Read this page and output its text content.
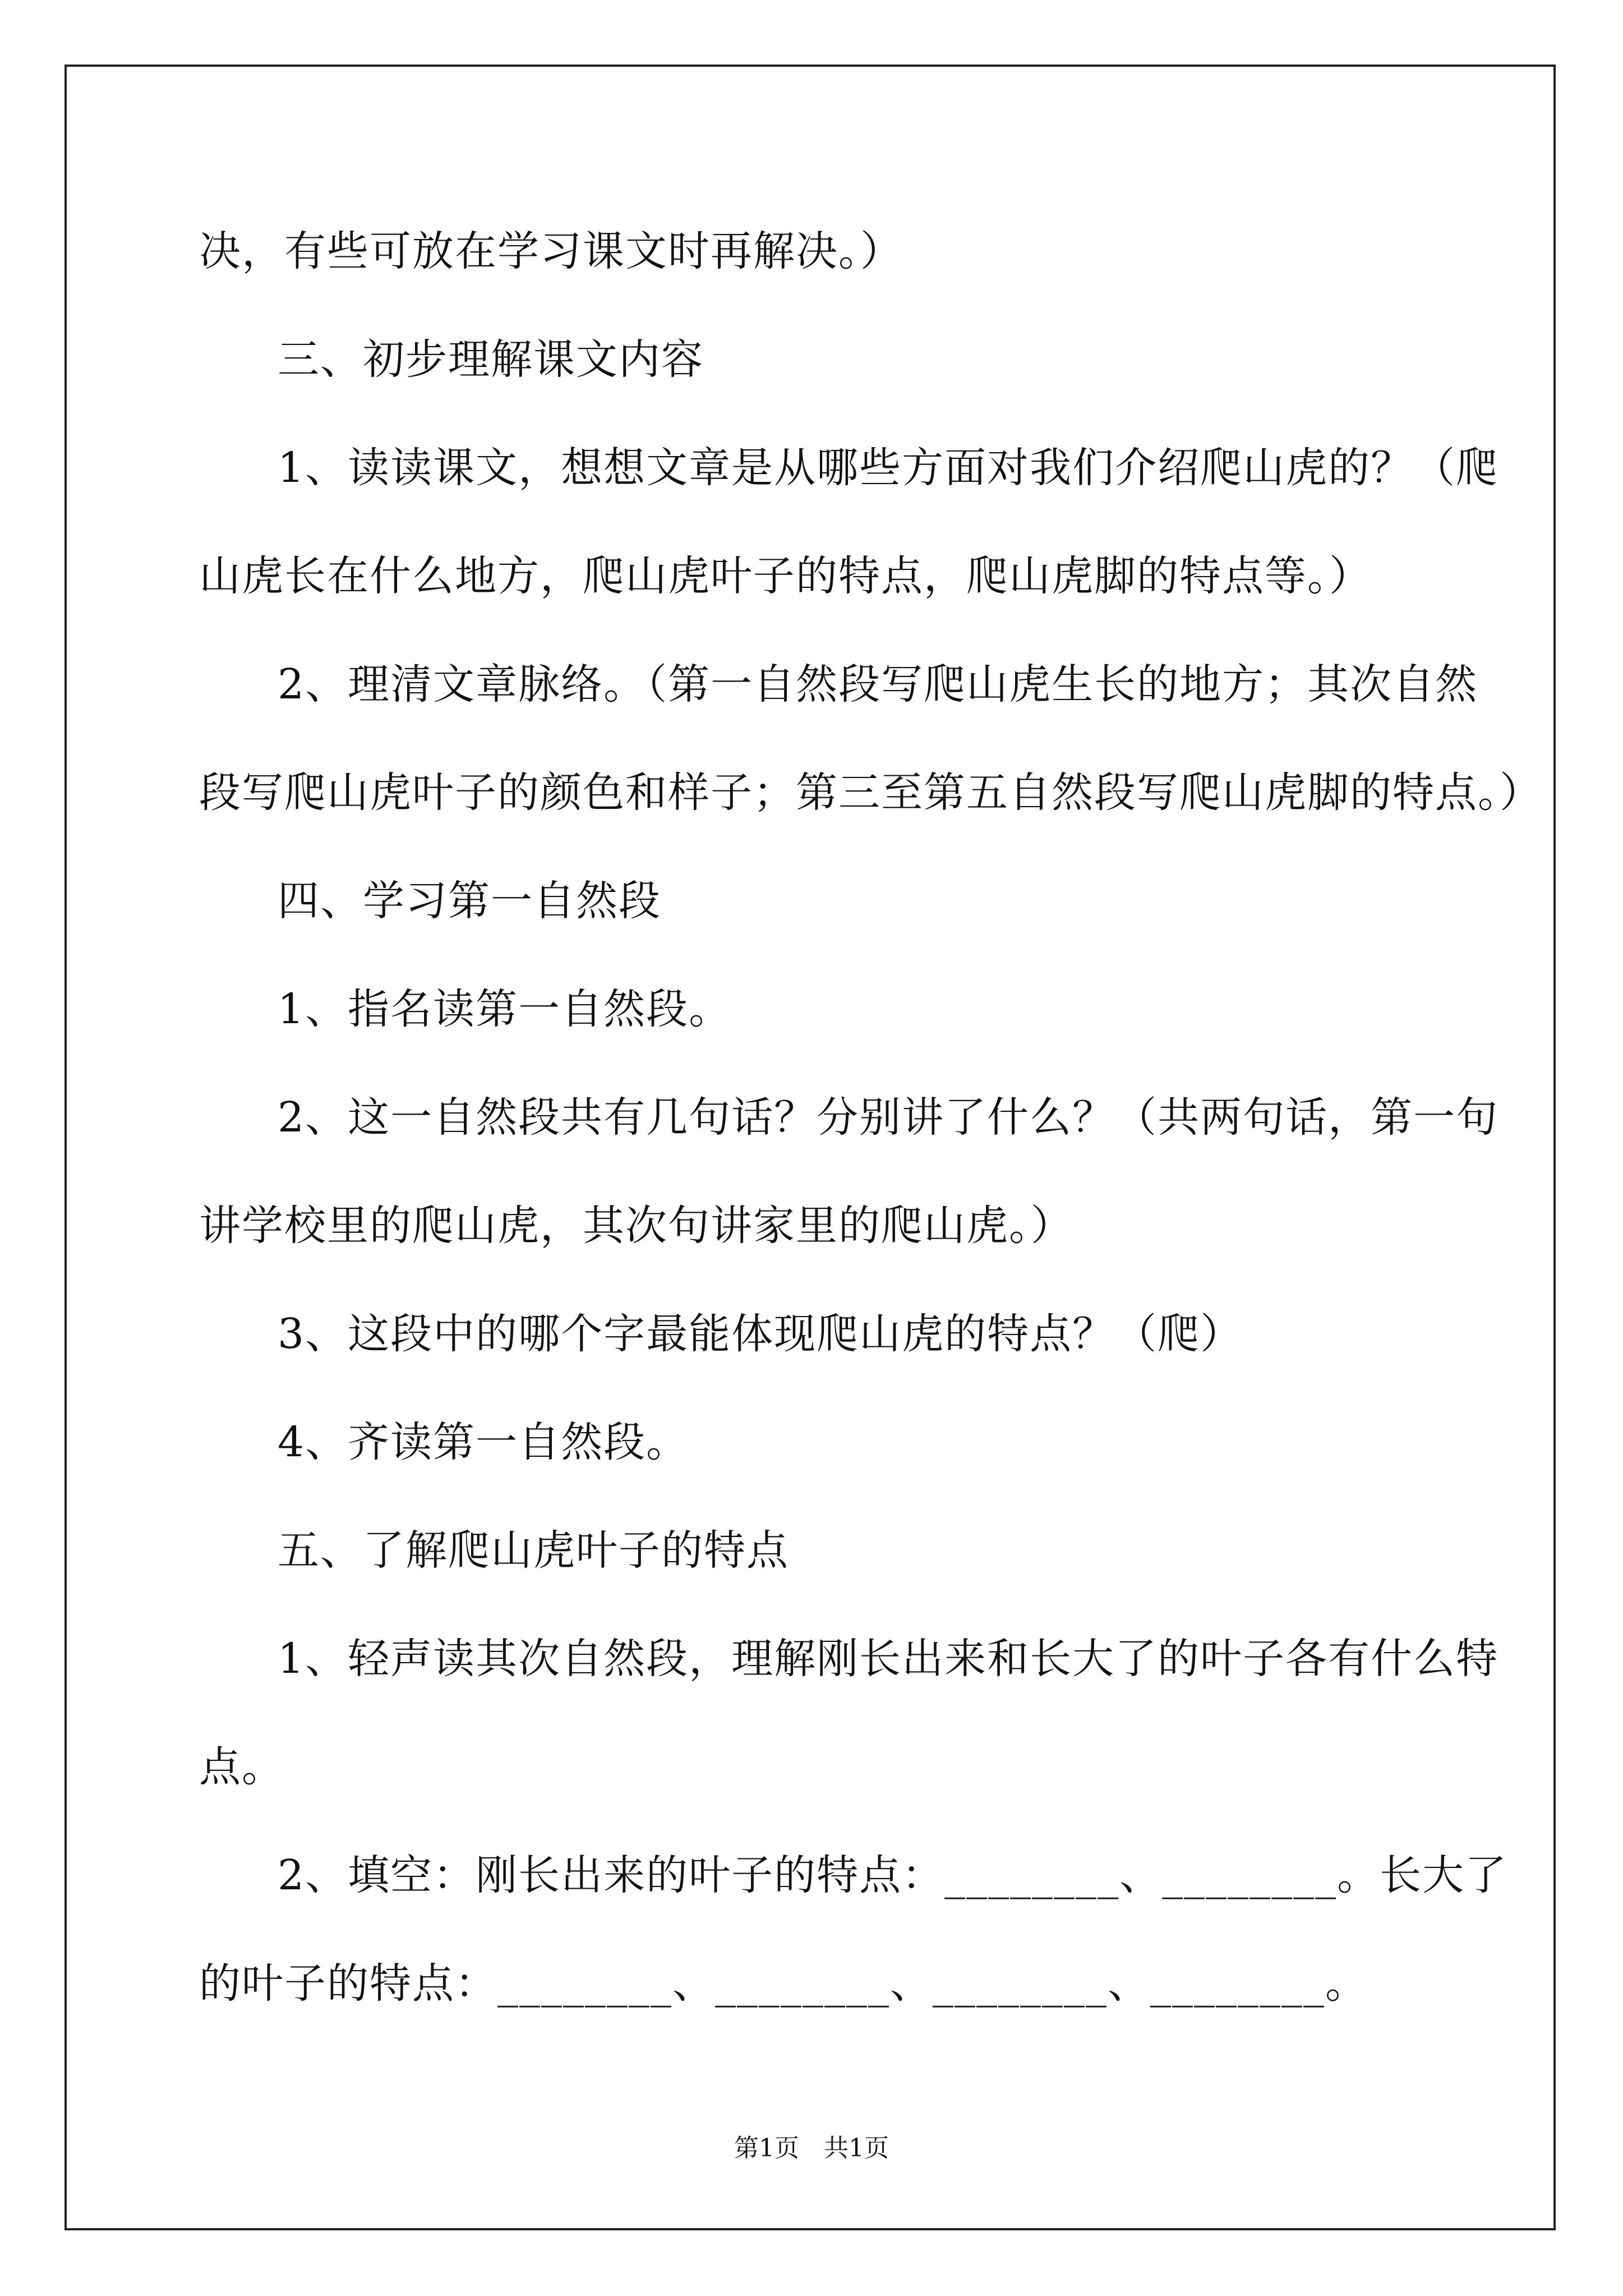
决，有些可放在学习课文时再解决。）
三、初步理解课文内容
1、读读课文，想想文章是从哪些方面对我们介绍爬山虎的？（爬
山虎长在什么地方，爬山虎叶子的特点，爬山虎脚的特点等。）
2、理清文章脉络。（第一自然段写爬山虎生长的地方；其次自然
段写爬山虎叶子的颜色和样子；第三至第五自然段写爬山虎脚的特点。）
四、学习第一自然段
1、指名读第一自然段。
2、这一自然段共有几句话？分别讲了什么？（共两句话，第一句
讲学校里的爬山虎，其次句讲家里的爬山虎。）
3、这段中的哪个字最能体现爬山虎的特点？（爬）
4、齐读第一自然段。
五、了解爬山虎叶子的特点
1、轻声读其次自然段，理解刚长出来和长大了的叶子各有什么特
点。
2、填空：刚长出来的叶子的特点：________、________。长大了
的叶子的特点：________、________、________、________。
第1页　共1页
